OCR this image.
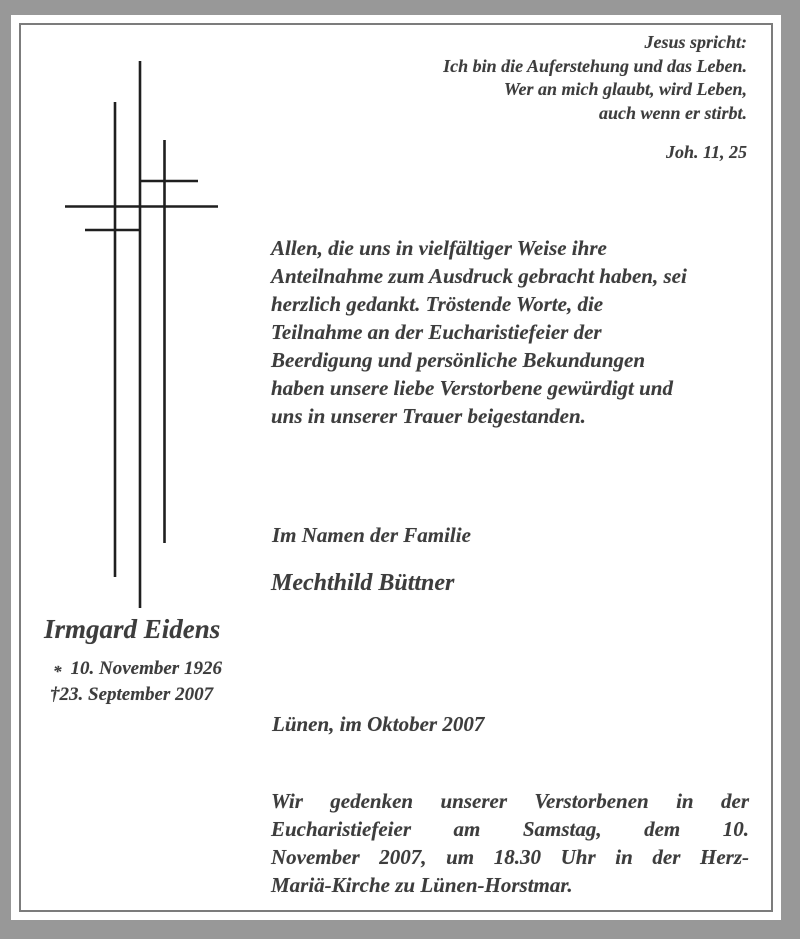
Jesus spricht:
Ich bin die Auferstehung und das Leben.
Wer an mich glaubt, wird Leben,
auch wenn er stirbt.
Joh. 11, 25
Allen, die uns in vielfältiger Weise ihre
Anteilnahme zum Ausdruck gebracht haben, sei
herzlich gedankt. Tröstende Worte, die
Teilnahme an der Eucharistiefeier der
Beerdigung und persönliche Bekundungen
haben unsere liebe Verstorbene gewürdigt und
uns in unserer Trauer beigestanden.
Im Namen der Familie
Mechthild Büttner
Irmgard Eidens
* 10. November 1926
†23. September 2007
Lünen, im Oktober 2007
Wir gedenken unserer Verstorbenen in der
Eucharistiefeier am Samstag, dem 10.
November 2007, um 18.30 Uhr in der Herz-
Mariä-Kirche zu Lünen-Horstmar.
